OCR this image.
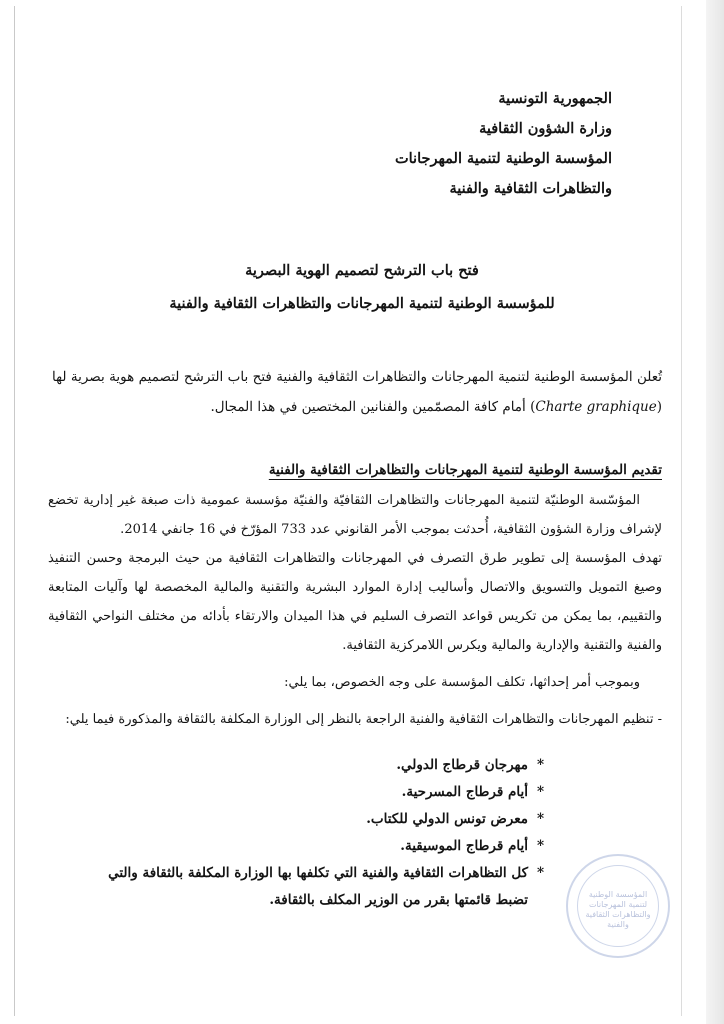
الجمهورية التونسية
وزارة الشؤون الثقافية
المؤسسة الوطنية لتنمية المهرجانات
والتظاهرات الثقافية والفنية
فتح باب الترشح لتصميم الهوية البصرية
للمؤسسة الوطنية لتنمية المهرجانات والتظاهرات الثقافية والفنية
تُعلن المؤسسة الوطنية لتنمية المهرجانات والتظاهرات الثقافية والفنية فتح باب الترشح لتصميم هوية بصرية لها (Charte graphique) أمام كافة المصمّمين والفنانين المختصين في هذا المجال.
تقديم المؤسسة الوطنية لتنمية المهرجانات والتظاهرات الثقافية والفنية

المؤسّسة الوطنيّة لتنمية المهرجانات والتظاهرات الثقافيّة والفنيّة مؤسسة عمومية ذات صبغة غير إدارية تخضع لإشراف وزارة الشؤون الثقافية، أُحدثت بموجب الأمر القانوني عدد 733 المؤرّخ في 16 جانفي 2014.

تهدف المؤسسة إلى تطوير طرق التصرف في المهرجانات والتظاهرات الثقافية من حيث البرمجة وحسن التنفيذ وصيغ التمويل والتسويق والاتصال وأساليب إدارة الموارد البشرية والتقنية والمالية المخصصة لها وآليات المتابعة والتقييم، بما يمكن من تكريس قواعد التصرف السليم في هذا الميدان والارتقاء بأدائه من مختلف النواحي الثقافية والفنية والتقنية والإدارية والمالية ويكرس اللامركزية الثقافية.

وبموجب أمر إحداثها، تكلف المؤسسة على وجه الخصوص، بما يلي:

- تنظيم المهرجانات والتظاهرات الثقافية والفنية الراجعة بالنظر إلى الوزارة المكلفة بالثقافة والمذكورة فيما يلي:

*
مهرجان قرطاج الدولي.
*
أيام قرطاج المسرحية.
*
معرض تونس الدولي للكتاب.
*
أيام قرطاج الموسيقية.
*
كل التظاهرات الثقافية والفنية التي تكلفها بها الوزارة المكلفة بالثقافة والتي تضبط قائمتها بقرر من الوزير المكلف بالثقافة.	المؤسسة الوطنية لتنمية المهرجانات والتظاهرات الثقافية والفنية
